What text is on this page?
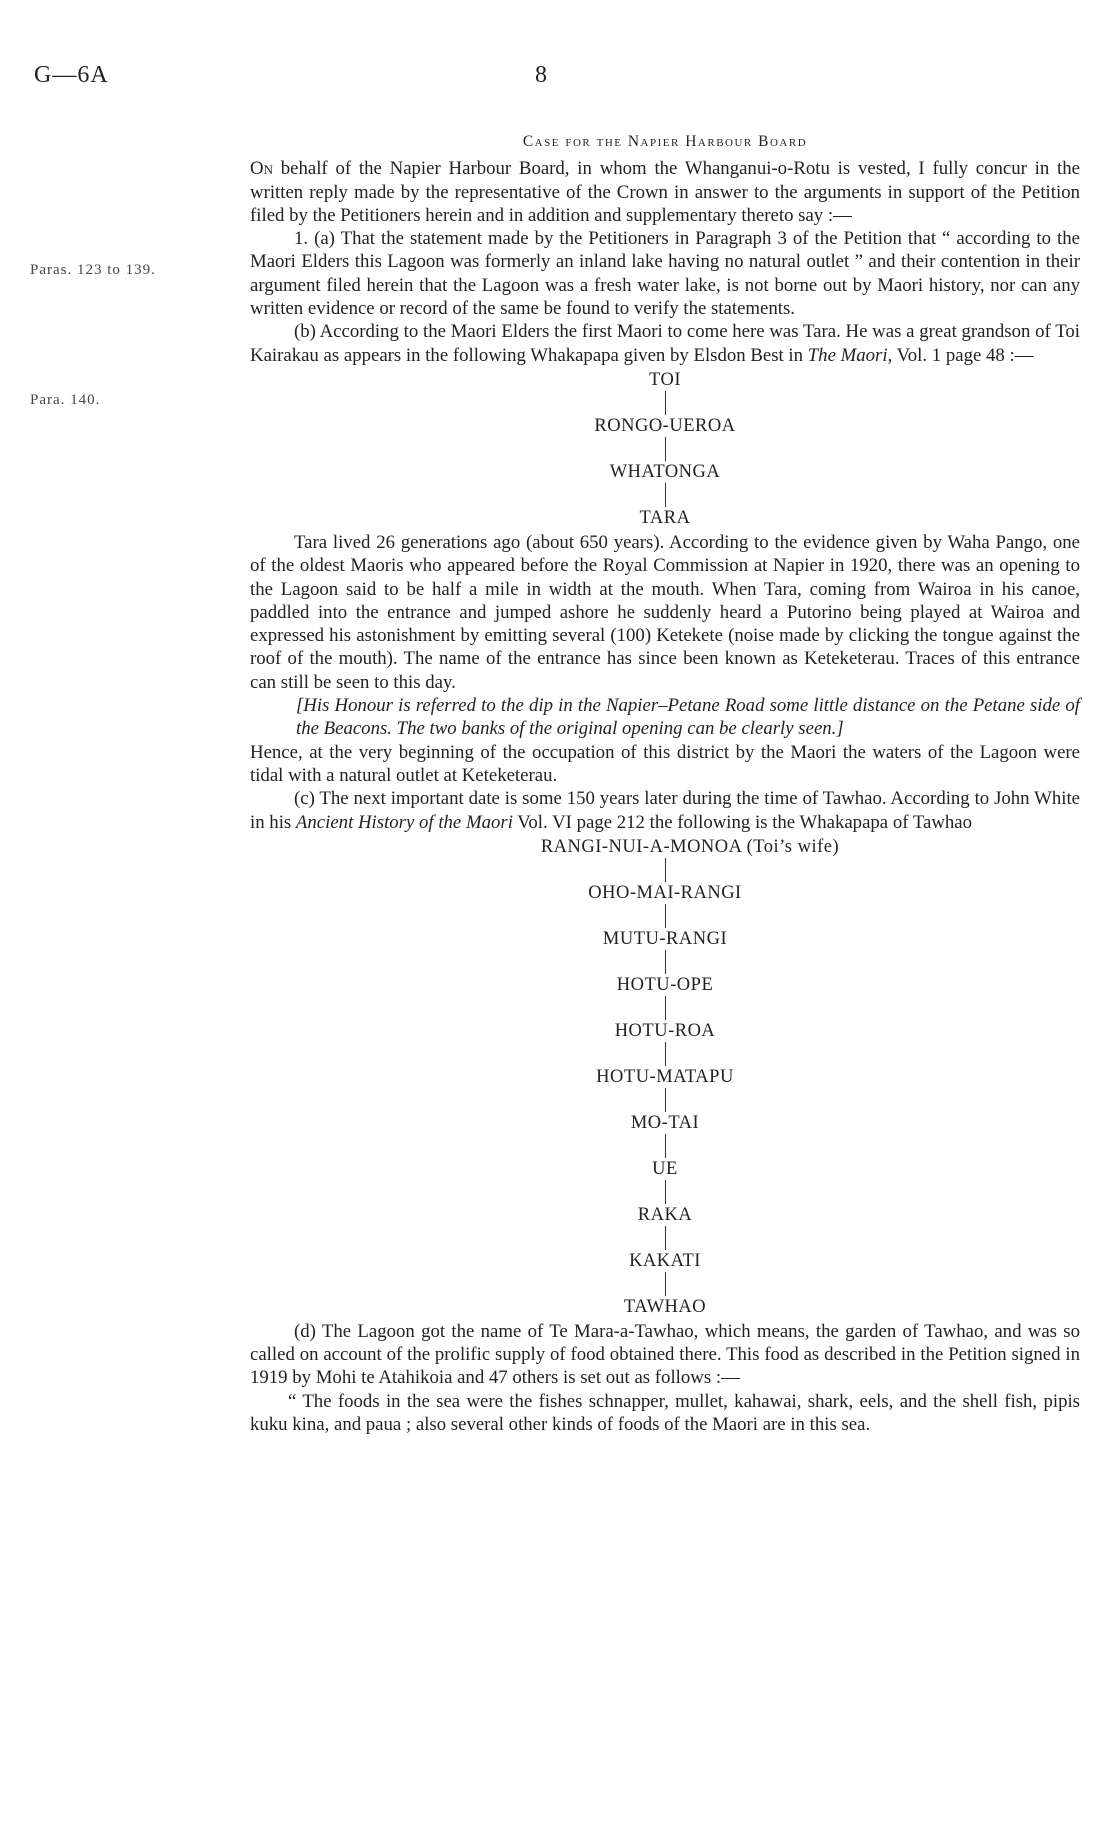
G—6A	8
Paras. 123 to 139.
Para. 140.

Case for the Napier Harbour Board

On behalf of the Napier Harbour Board, in whom the Whanganui-o-Rotu is vested, I fully concur in the written reply made by the representative of the Crown in answer to the arguments in support of the Petition filed by the Petitioners herein and in addition and supplementary thereto say :—

1. (a) That the statement made by the Petitioners in Paragraph 3 of the Petition that “ according to the Maori Elders this Lagoon was formerly an inland lake having no natural outlet ” and their contention in their argument filed herein that the Lagoon was a fresh water lake, is not borne out by Maori history, nor can any written evidence or record of the same be found to verify the statements.

(b) According to the Maori Elders the first Maori to come here was Tara. He was a great grandson of Toi Kairakau as appears in the following Whakapapa given by Elsdon Best in The Maori, Vol. 1 page 48 :—

TOI
RONGO-UEROA
WHATONGA
TARA

Tara lived 26 generations ago (about 650 years). According to the evidence given by Waha Pango, one of the oldest Maoris who appeared before the Royal Commission at Napier in 1920, there was an opening to the Lagoon said to be half a mile in width at the mouth. When Tara, coming from Wairoa in his canoe, paddled into the entrance and jumped ashore he suddenly heard a Putorino being played at Wairoa and expressed his astonishment by emitting several (100) Ketekete (noise made by clicking the tongue against the roof of the mouth). The name of the entrance has since been known as Keteketerau. Traces of this entrance can still be seen to this day.

[His Honour is referred to the dip in the Napier–Petane Road some little distance on the Petane side of the Beacons. The two banks of the original opening can be clearly seen.]

Hence, at the very beginning of the occupation of this district by the Maori the waters of the Lagoon were tidal with a natural outlet at Keteketerau.

(c) The next important date is some 150 years later during the time of Tawhao. According to John White in his Ancient History of the Maori Vol. VI page 212 the following is the Whakapapa of Tawhao

RANGI-NUI-A-MONOA (Toi’s wife)
OHO-MAI-RANGI
MUTU-RANGI
HOTU-OPE
HOTU-ROA
HOTU-MATAPU
MO-TAI
UE
RAKA
KAKATI
TAWHAO

(d) The Lagoon got the name of Te Mara-a-Tawhao, which means, the garden of Tawhao, and was so called on account of the prolific supply of food obtained there. This food as described in the Petition signed in 1919 by Mohi te Atahikoia and 47 others is set out as follows :—

“ The foods in the sea were the fishes schnapper, mullet, kahawai, shark, eels, and the shell fish, pipis kuku kina, and paua ; also several other kinds of foods of the Maori are in this sea.
